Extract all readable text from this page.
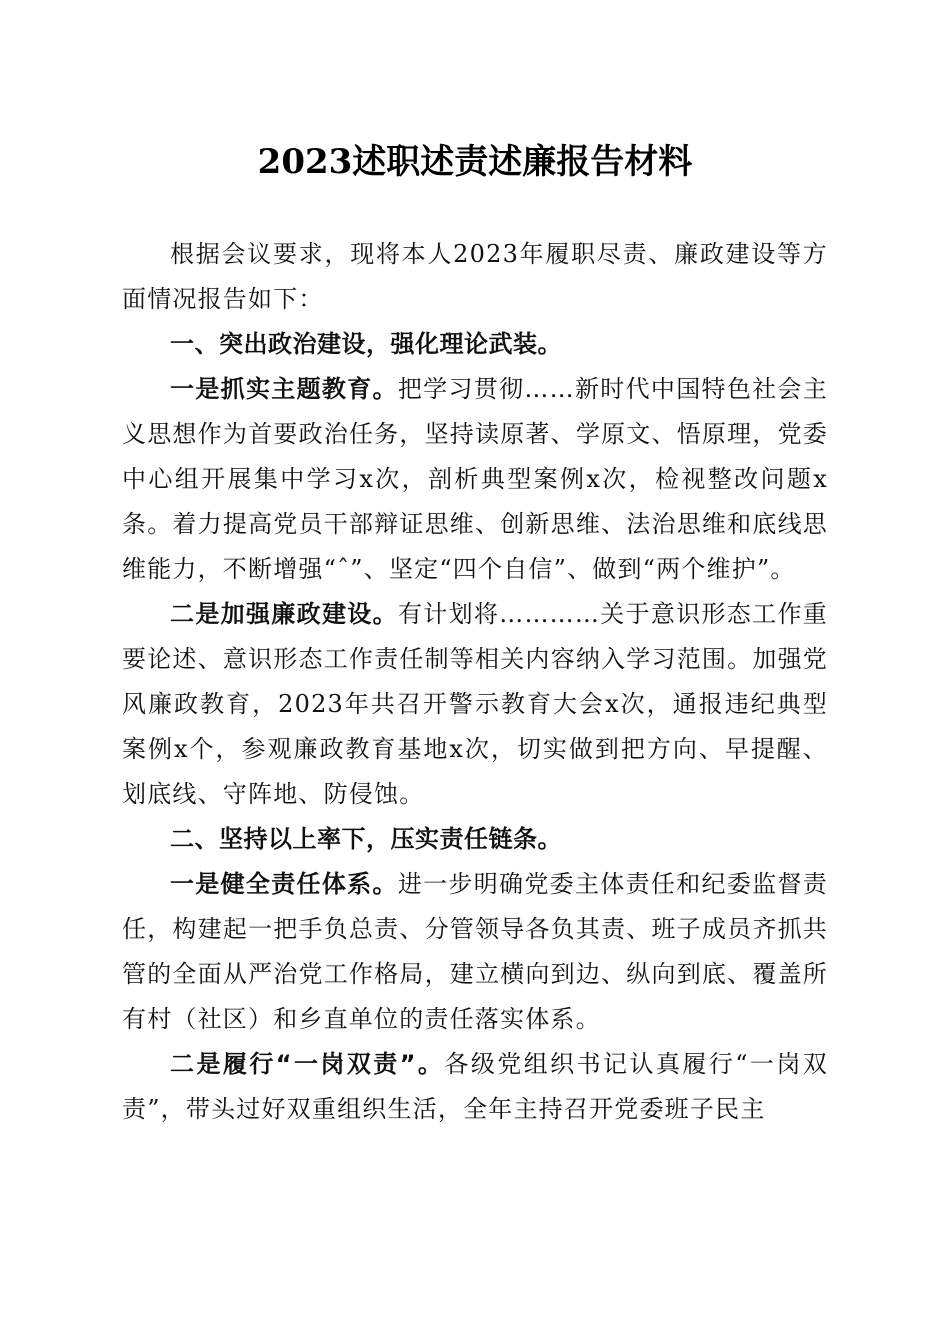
2023述职述责述廉报告材料

根据会议要求，现将本人2023年履职尽责、廉政建设等方面情况报告如下：

一、突出政治建设，强化理论武装。

一是抓实主题教育。把学习贯彻……新时代中国特色社会主义思想作为首要政治任务，坚持读原著、学原文、悟原理，党委中心组开展集中学习x次，剖析典型案例x次，检视整改问题x条。着力提高党员干部辩证思维、创新思维、法治思维和底线思维能力，不断增强“ˆ”、坚定“四个自信”、做到“两个维护”。

二是加强廉政建设。有计划将…………关于意识形态工作重要论述、意识形态工作责任制等相关内容纳入学习范围。加强党风廉政教育，2023年共召开警示教育大会x次，通报违纪典型案例x个，参观廉政教育基地x次，切实做到把方向、早提醒、划底线、守阵地、防侵蚀。

二、坚持以上率下，压实责任链条。

一是健全责任体系。进一步明确党委主体责任和纪委监督责任，构建起一把手负总责、分管领导各负其责、班子成员齐抓共管的全面从严治党工作格局，建立横向到边、纵向到底、覆盖所有村（社区）和乡直单位的责任落实体系。

二是履行“一岗双责”。各级党组织书记认真履行“一岗双责”，带头过好双重组织生活，全年主持召开党委班子民主
